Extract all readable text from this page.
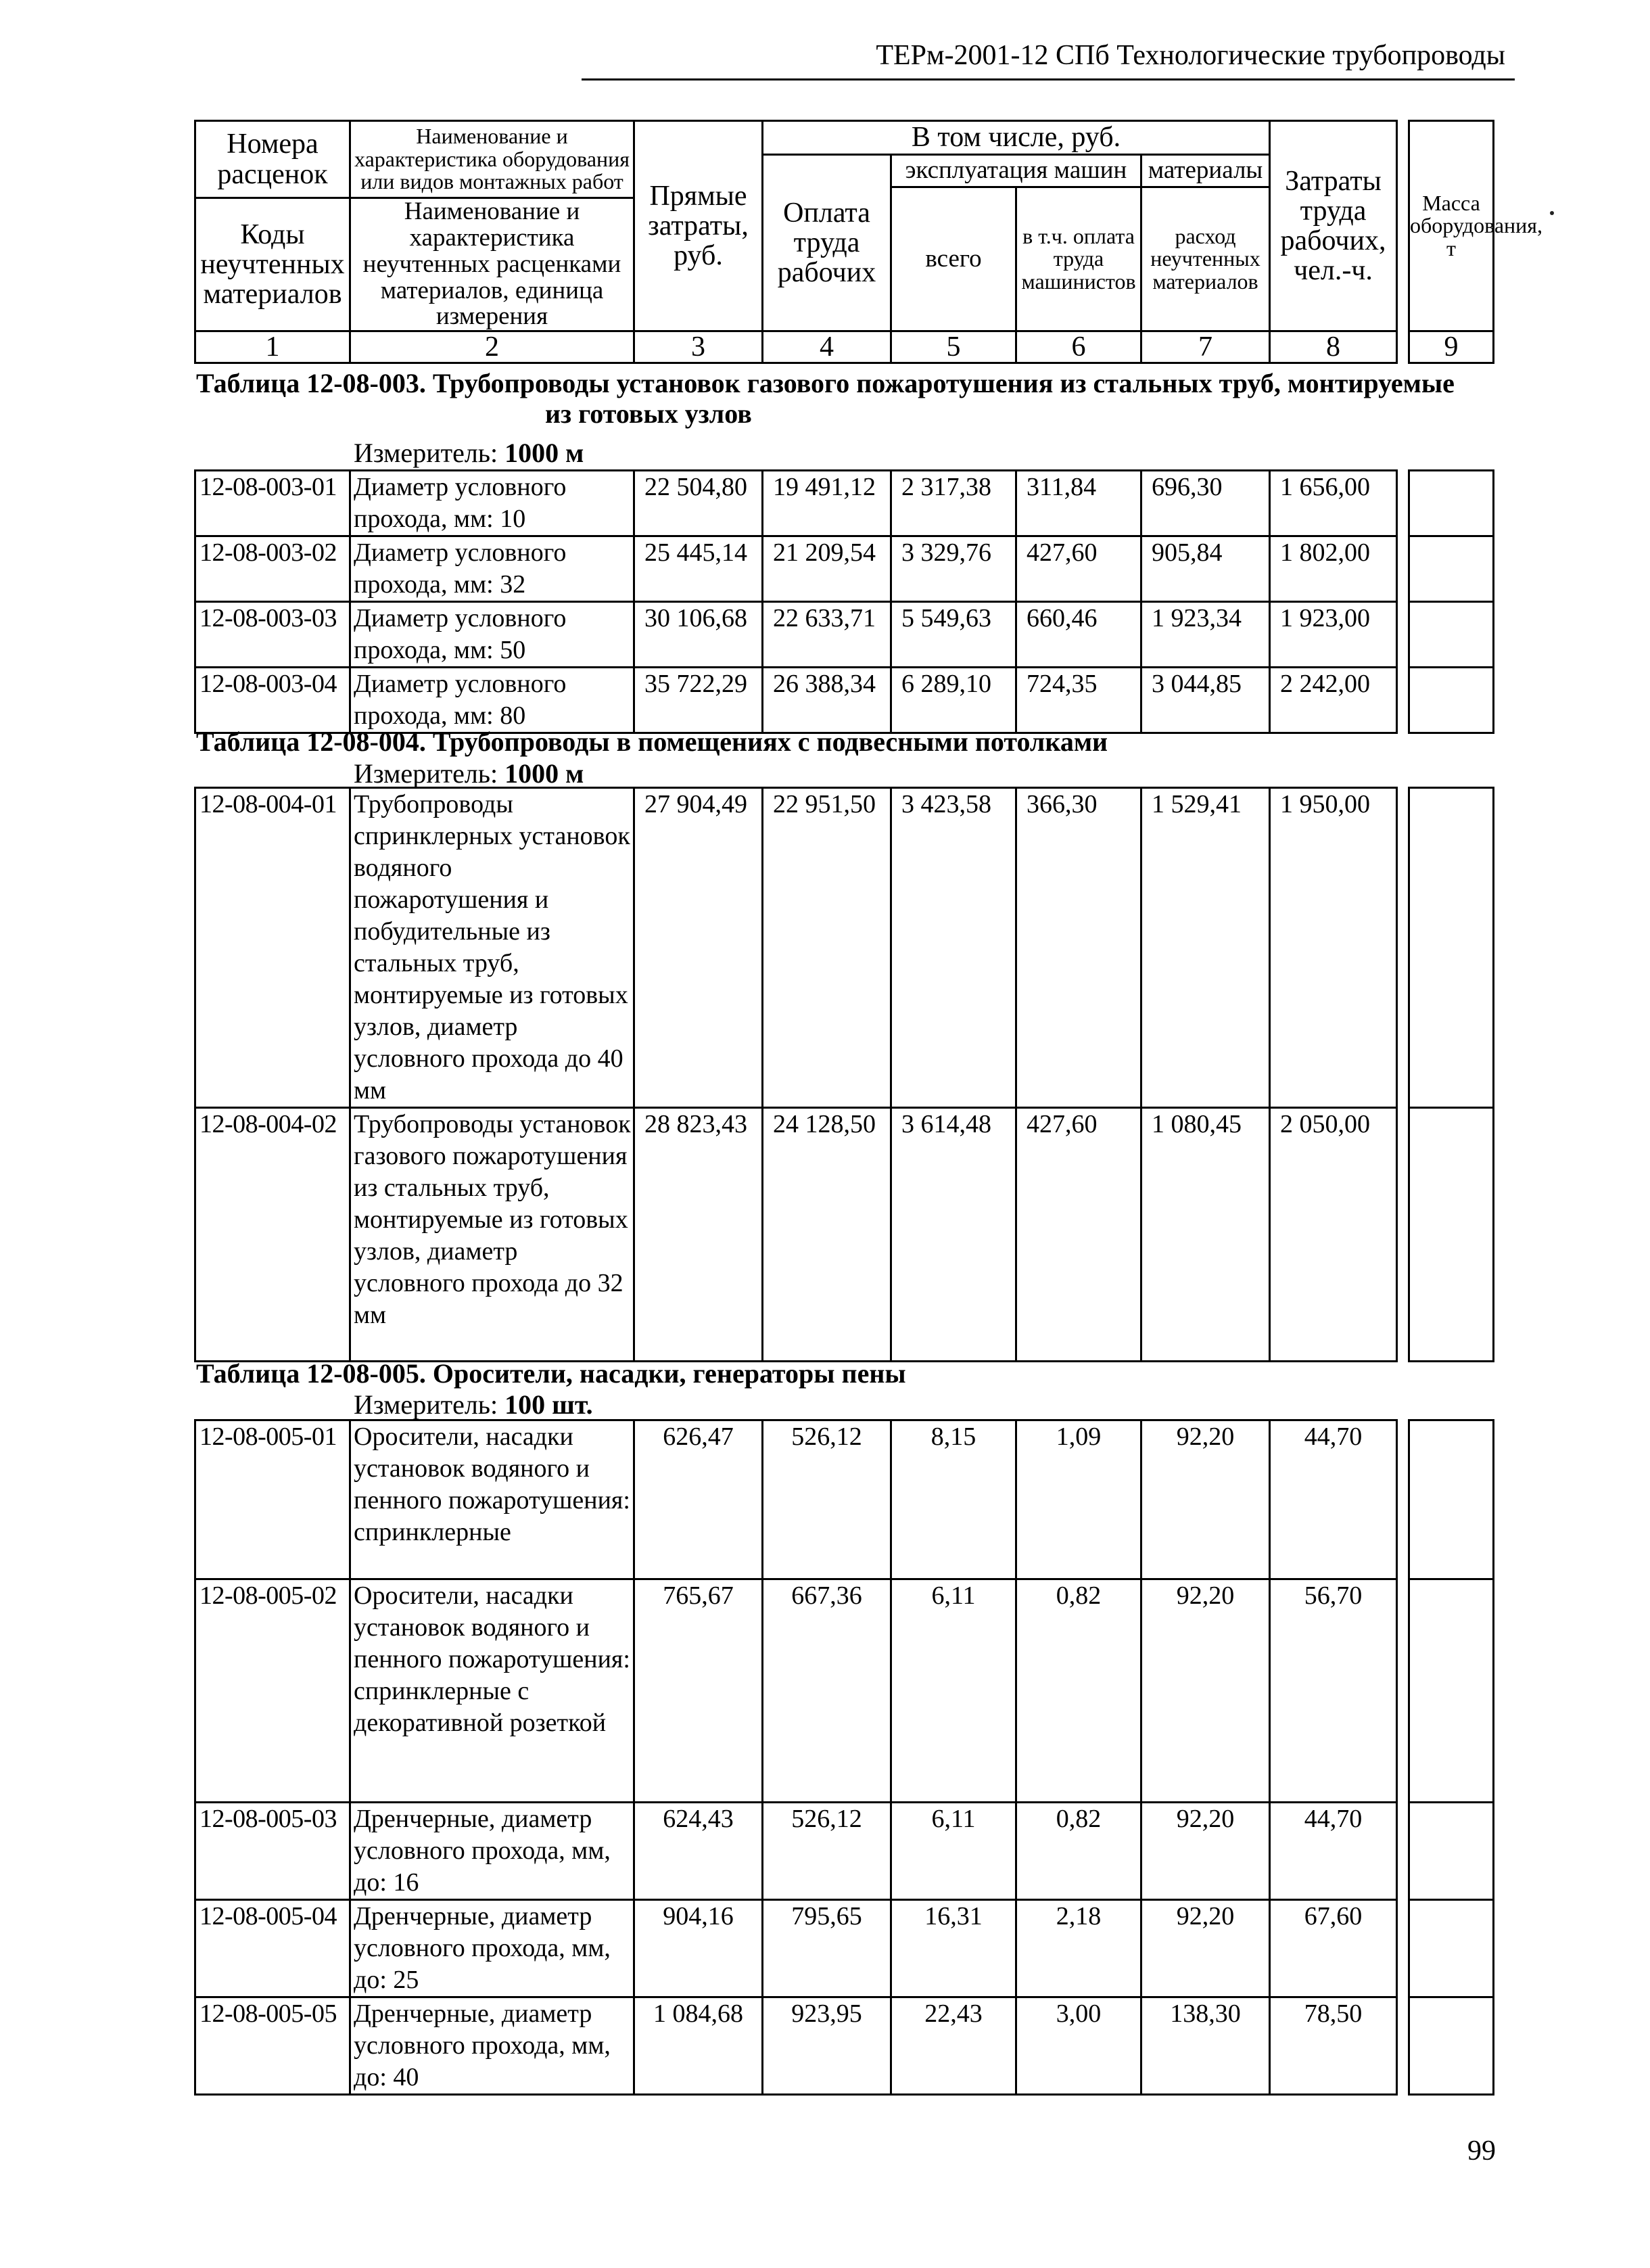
ТЕРм-2001-12 СПб Технологические трубопроводы
Номера расценок	Наименование и характеристика оборудования или видов монтажных работ	Прямые затраты, руб.	В том числе, руб.				Затраты труда рабочих, чел.-ч.		Масса оборудования, т
			Оплата труда рабочих	эксплуатация машин		материалы			
				всего	в т.ч. оплата труда машинистов	расход неучтенных материалов			
Коды неучтенных материалов	Наименование и характеристика неучтенных расценками материалов, единица измерения								

1	2	3	4	5	6	7	8		9
Таблица 12-08-003. Трубопроводы установок газового пожаротушения из стальных труб, монтируемые
из готовых узлов
Измеритель: 1000 м
12-08-003-01	Диаметр условного прохода, мм: 10	22 504,80	19 491,12	2 317,38	311,84	696,30	1 656,00		
12-08-003-02	Диаметр условного прохода, мм: 32	25 445,14	21 209,54	3 329,76	427,60	905,84	1 802,00		
12-08-003-03	Диаметр условного прохода, мм: 50	30 106,68	22 633,71	5 549,63	660,46	1 923,34	1 923,00		
12-08-003-04	Диаметр условного прохода, мм: 80	35 722,29	26 388,34	6 289,10	724,35	3 044,85	2 242,00		
Таблица 12-08-004. Трубопроводы в помещениях с подвесными потолками
Измеритель: 1000 м
12-08-004-01	Трубопроводы спринклерных установок водяного пожаротушения и побудительные из стальных труб, монтируемые из готовых узлов, диаметр условного прохода до 40 мм	27 904,49	22 951,50	3 423,58	366,30	1 529,41	1 950,00		
12-08-004-02	Трубопроводы установок газового пожаротушения из стальных труб, монтируемые из готовых узлов, диаметр условного прохода до 32 мм	28 823,43	24 128,50	3 614,48	427,60	1 080,45	2 050,00		
Таблица 12-08-005. Оросители, насадки, генераторы пены
Измеритель: 100 шт.
12-08-005-01	Оросители, насадки установок водяного и пенного пожаротушения: спринклерные	626,47	526,12	8,15	1,09	92,20	44,70		
12-08-005-02	Оросители, насадки установок водяного и пенного пожаротушения: спринклерные с декоративной розеткой	765,67	667,36	6,11	0,82	92,20	56,70		
12-08-005-03	Дренчерные, диаметр условного прохода, мм, до: 16	624,43	526,12	6,11	0,82	92,20	44,70		
12-08-005-04	Дренчерные, диаметр условного прохода, мм, до: 25	904,16	795,65	16,31	2,18	92,20	67,60		
12-08-005-05	Дренчерные, диаметр условного прохода, мм, до: 40	1 084,68	923,95	22,43	3,00	138,30	78,50		
99
